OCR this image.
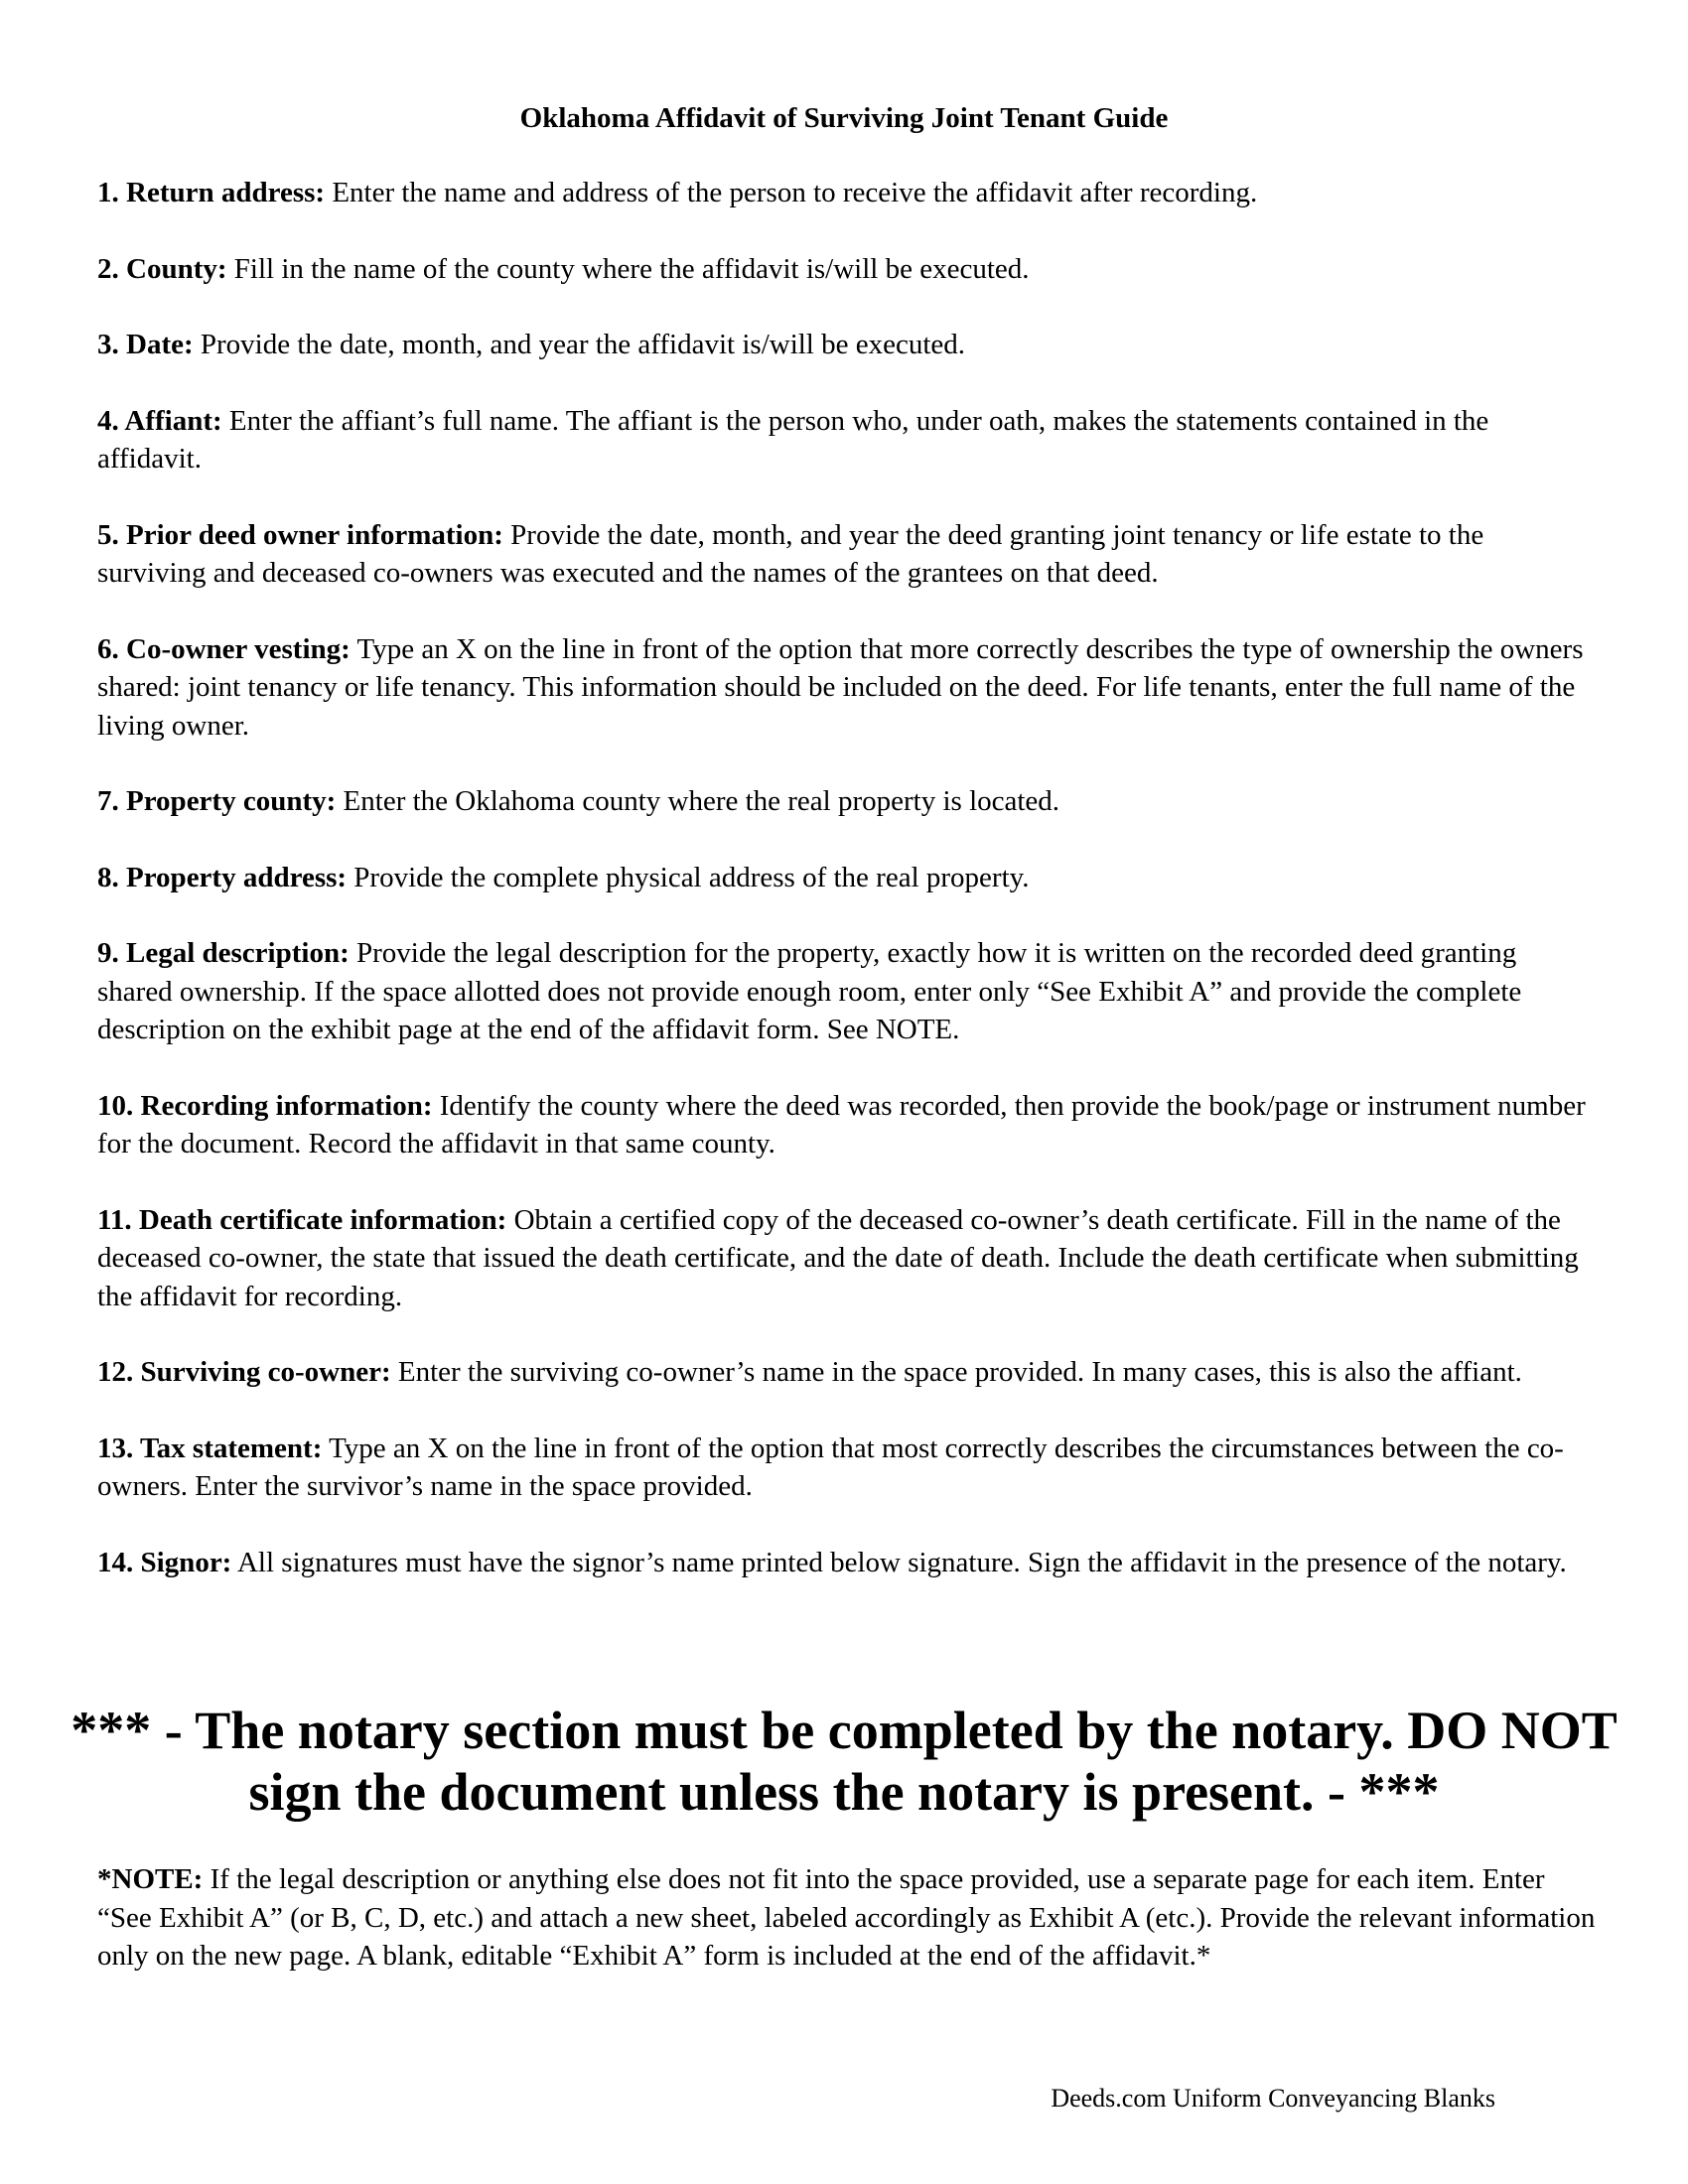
Oklahoma Affidavit of Surviving Joint Tenant Guide
1. Return address: Enter the name and address of the person to receive the affidavit after recording.
2. County: Fill in the name of the county where the affidavit is/will be executed.
3. Date: Provide the date, month, and year the affidavit is/will be executed.
4. Affiant: Enter the affiant’s full name. The affiant is the person who, under oath, makes the statements contained in the affidavit.
5. Prior deed owner information: Provide the date, month, and year the deed granting joint tenancy or life estate to the surviving and deceased co-owners was executed and the names of the grantees on that deed.
6. Co-owner vesting: Type an X on the line in front of the option that more correctly describes the type of ownership the owners shared: joint tenancy or life tenancy. This information should be included on the deed. For life tenants, enter the full name of the living owner.
7. Property county: Enter the Oklahoma county where the real property is located.
8. Property address: Provide the complete physical address of the real property.
9. Legal description: Provide the legal description for the property, exactly how it is written on the recorded deed granting shared ownership. If the space allotted does not provide enough room, enter only “See Exhibit A” and provide the complete description on the exhibit page at the end of the affidavit form. See NOTE.
10. Recording information: Identify the county where the deed was recorded, then provide the book/page or instrument number for the document. Record the affidavit in that same county.
11. Death certificate information: Obtain a certified copy of the deceased co-owner’s death certificate. Fill in the name of the deceased co-owner, the state that issued the death certificate, and the date of death. Include the death certificate when submitting the affidavit for recording.
12. Surviving co-owner: Enter the surviving co-owner’s name in the space provided. In many cases, this is also the affiant.
13. Tax statement: Type an X on the line in front of the option that most correctly describes the circumstances between the co-owners. Enter the survivor’s name in the space provided.
14. Signor: All signatures must have the signor’s name printed below signature. Sign the affidavit in the presence of the notary.

*** - The notary section must be completed by the notary. DO NOT sign the document unless the notary is present. - ***

*NOTE: If the legal description or anything else does not fit into the space provided, use a separate page for each item. Enter “See Exhibit A” (or B, C, D, etc.) and attach a new sheet, labeled accordingly as Exhibit A (etc.). Provide the relevant information only on the new page. A blank, editable “Exhibit A” form is included at the end of the affidavit.*

Deeds.com Uniform Conveyancing Blanks
